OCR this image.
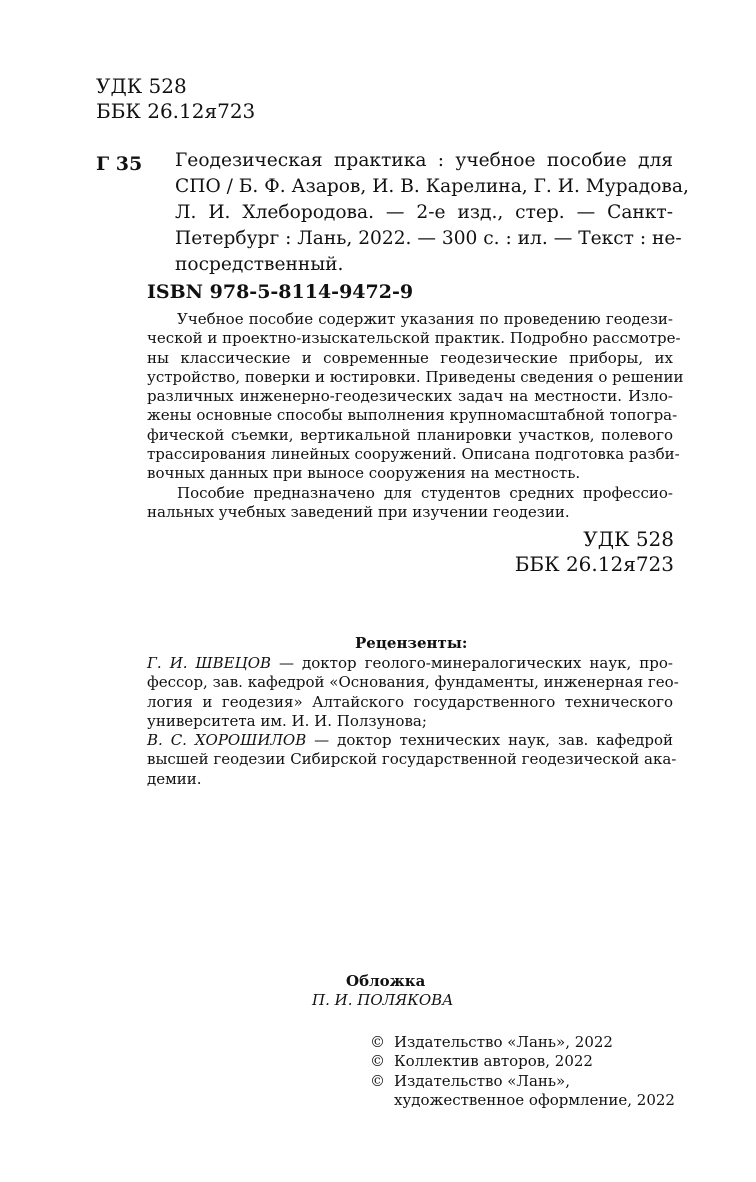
УДК 528
ББК 26.12я723
Г 35 Геодезическая практика : учебное пособие для
СПО / Б. Ф. Азаров, И. В. Карелина, Г. И. Мурадова,
Л. И. Хлебородова. — 2-е изд., стер. — Санкт-
Петербург : Лань, 2022. — 300 с. : ил. — Текст : не-
посредственный.
ISBN 978-5-8114-9472-9
Учебное пособие содержит указания по проведению геодези-
ческой и проектно-изыскательской практик. Подробно рассмотре-
ны классические и современные геодезические приборы, их
устройство, поверки и юстировки. Приведены сведения о решении
различных инженерно-геодезических задач на местности. Изло-
жены основные способы выполнения крупномасштабной топогра-
фической съемки, вертикальной планировки участков, полевого
трассирования линейных сооружений. Описана подготовка разби-
вочных данных при выносе сооружения на местность.
Пособие предназначено для студентов средних профессио-
нальных учебных заведений при изучении геодезии.
УДК 528
ББК 26.12я723
Рецензенты:
Г. И. ШВЕЦОВ — доктор геолого-минералогических наук, про-
фессор, зав. кафедрой «Основания, фундаменты, инженерная гео-
логия и геодезия» Алтайского государственного технического
университета им. И. И. Ползунова;
В. С. ХОРОШИЛОВ — доктор технических наук, зав. кафедрой
высшей геодезии Сибирской государственной геодезической ака-
демии.
Обложка
П. И. ПОЛЯКОВА
© Издательство «Лань», 2022
© Коллектив авторов, 2022
© Издательство «Лань»,
художественное оформление, 2022
